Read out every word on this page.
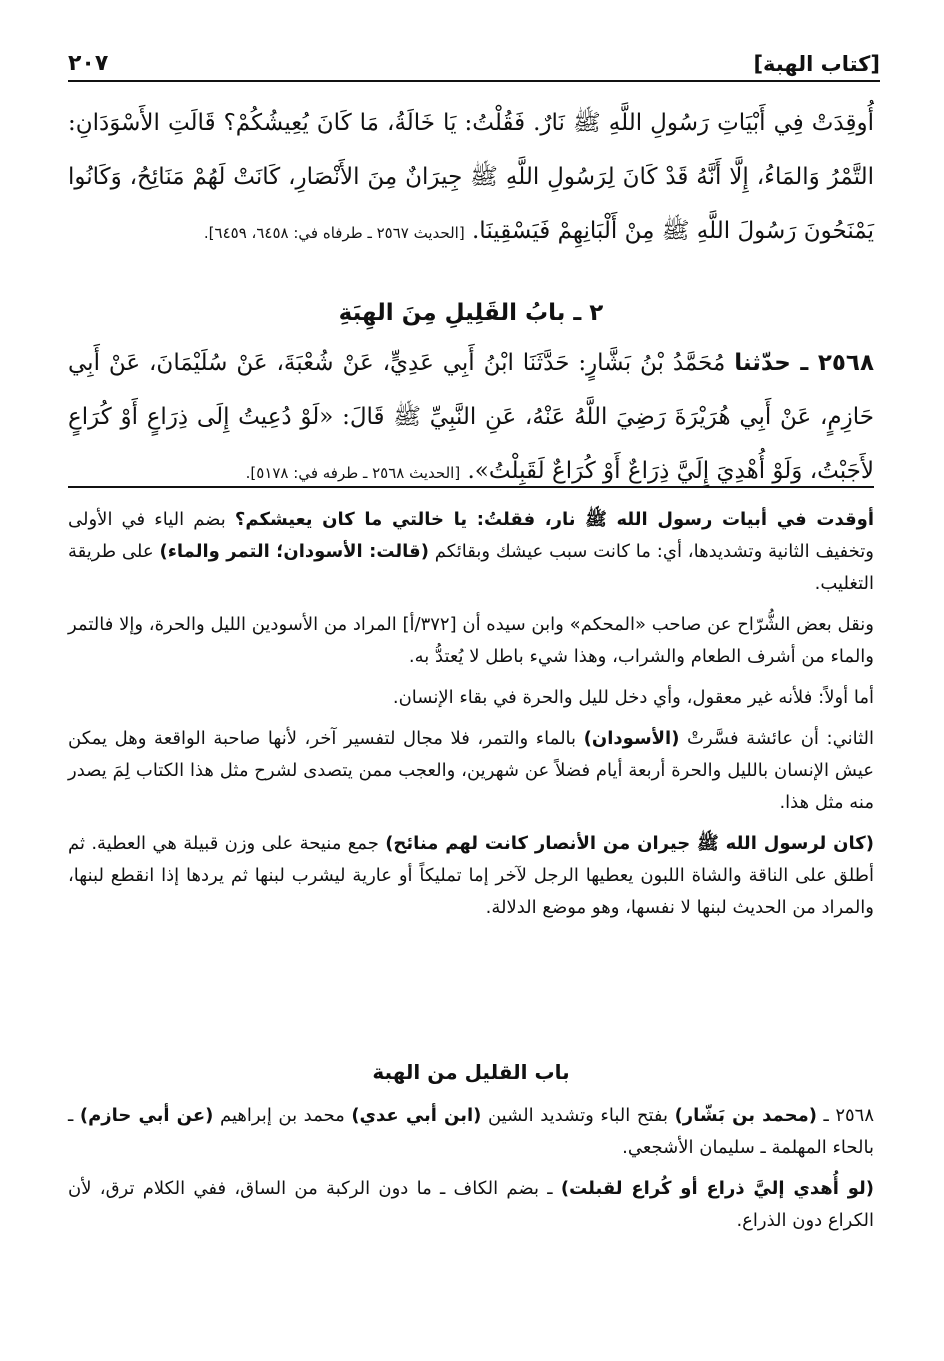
[كتاب الهبة]
٢٠٧
أُوقِدَتْ فِي أَبْيَاتِ رَسُولِ اللَّهِ ﷺ نَارٌ. فَقُلْتُ: يَا خَالَةُ، مَا كَانَ يُعِيشُكُمْ؟ قَالَتِ الأَسْوَدَانِ: التَّمْرُ وَالمَاءُ، إِلَّا أَنَّهُ قَدْ كَانَ لِرَسُولِ اللَّهِ ﷺ جِيرَانٌ مِنَ الأَنْصَارِ، كَانَتْ لَهُمْ مَنَائِحُ، وَكَانُوا يَمْنَحُونَ رَسُولَ اللَّهِ ﷺ مِنْ أَلْبَانِهِمْ فَيَسْقِينَا. [الحديث ٢٥٦٧ ـ طرفاه في: ٦٤٥٨، ٦٤٥٩].
٢ ـ بابُ القَلِيلِ مِنَ الهِبَةِ
٢٥٦٨ ـ حدّثنا مُحَمَّدُ بْنُ بَشَّارٍ: حَدَّثَنَا ابْنُ أَبِي عَدِيٍّ، عَنْ شُعْبَةَ، عَنْ سُلَيْمَانَ، عَنْ أَبِي حَازِمٍ، عَنْ أَبِي هُرَيْرَةَ رَضِيَ اللَّهُ عَنْهُ، عَنِ النَّبِيِّ ﷺ قَالَ: «لَوْ دُعِيتُ إِلَى ذِرَاعٍ أَوْ كُرَاعٍ لأَجَبْتُ، وَلَوْ أُهْدِيَ إِلَيَّ ذِرَاعٌ أَوْ كُرَاعٌ لَقَبِلْتُ». [الحديث ٢٥٦٨ ـ طرفه في: ٥١٧٨].

أوقدت في أبيات رسول الله ﷺ نار، فقلتُ: يا خالتي ما كان يعيشكم؟ بضم الياء في الأولى وتخفيف الثانية وتشديدها، أي: ما كانت سبب عيشك وبقائكم (قالت: الأسودان؛ التمر والماء) على طريقة التغليب.

ونقل بعض الشُّرّاح عن صاحب «المحكم» وابن سيده أن [٣٧٢/أ] المراد من الأسودين الليل والحرة، وإلا فالتمر والماء من أشرف الطعام والشراب، وهذا شيء باطل لا يُعتدُّ به.

أما أولاً: فلأنه غير معقول، وأي دخل لليل والحرة في بقاء الإنسان.

الثاني: أن عائشة فسَّرتْ (الأسودان) بالماء والتمر، فلا مجال لتفسير آخر، لأنها صاحبة الواقعة وهل يمكن عيش الإنسان بالليل والحرة أربعة أيام فضلاً عن شهرين، والعجب ممن يتصدى لشرح مثل هذا الكتاب لِمَ يصدر منه مثل هذا.

(كان لرسول الله ﷺ جيران من الأنصار كانت لهم منائح) جمع منيحة على وزن قبيلة هي العطية. ثم أطلق على الناقة والشاة اللبون يعطيها الرجل لآخر إما تمليكاً أو عارية ليشرب لبنها ثم يردها إذا انقطع لبنها، والمراد من الحديث لبنها لا نفسها، وهو موضع الدلالة.

باب القليل من الهبة

٢٥٦٨ ـ (محمد بن بَشّار) بفتح الباء وتشديد الشين (ابن أبي عدي) محمد بن إبراهيم (عن أبي حازم) ـ بالحاء المهلمة ـ سليمان الأشجعي.

(لو أُهدي إليَّ ذراع أو كُراع لقبلت) ـ بضم الكاف ـ ما دون الركبة من الساق، ففي الكلام ترق، لأن الكراع دون الذراع.
